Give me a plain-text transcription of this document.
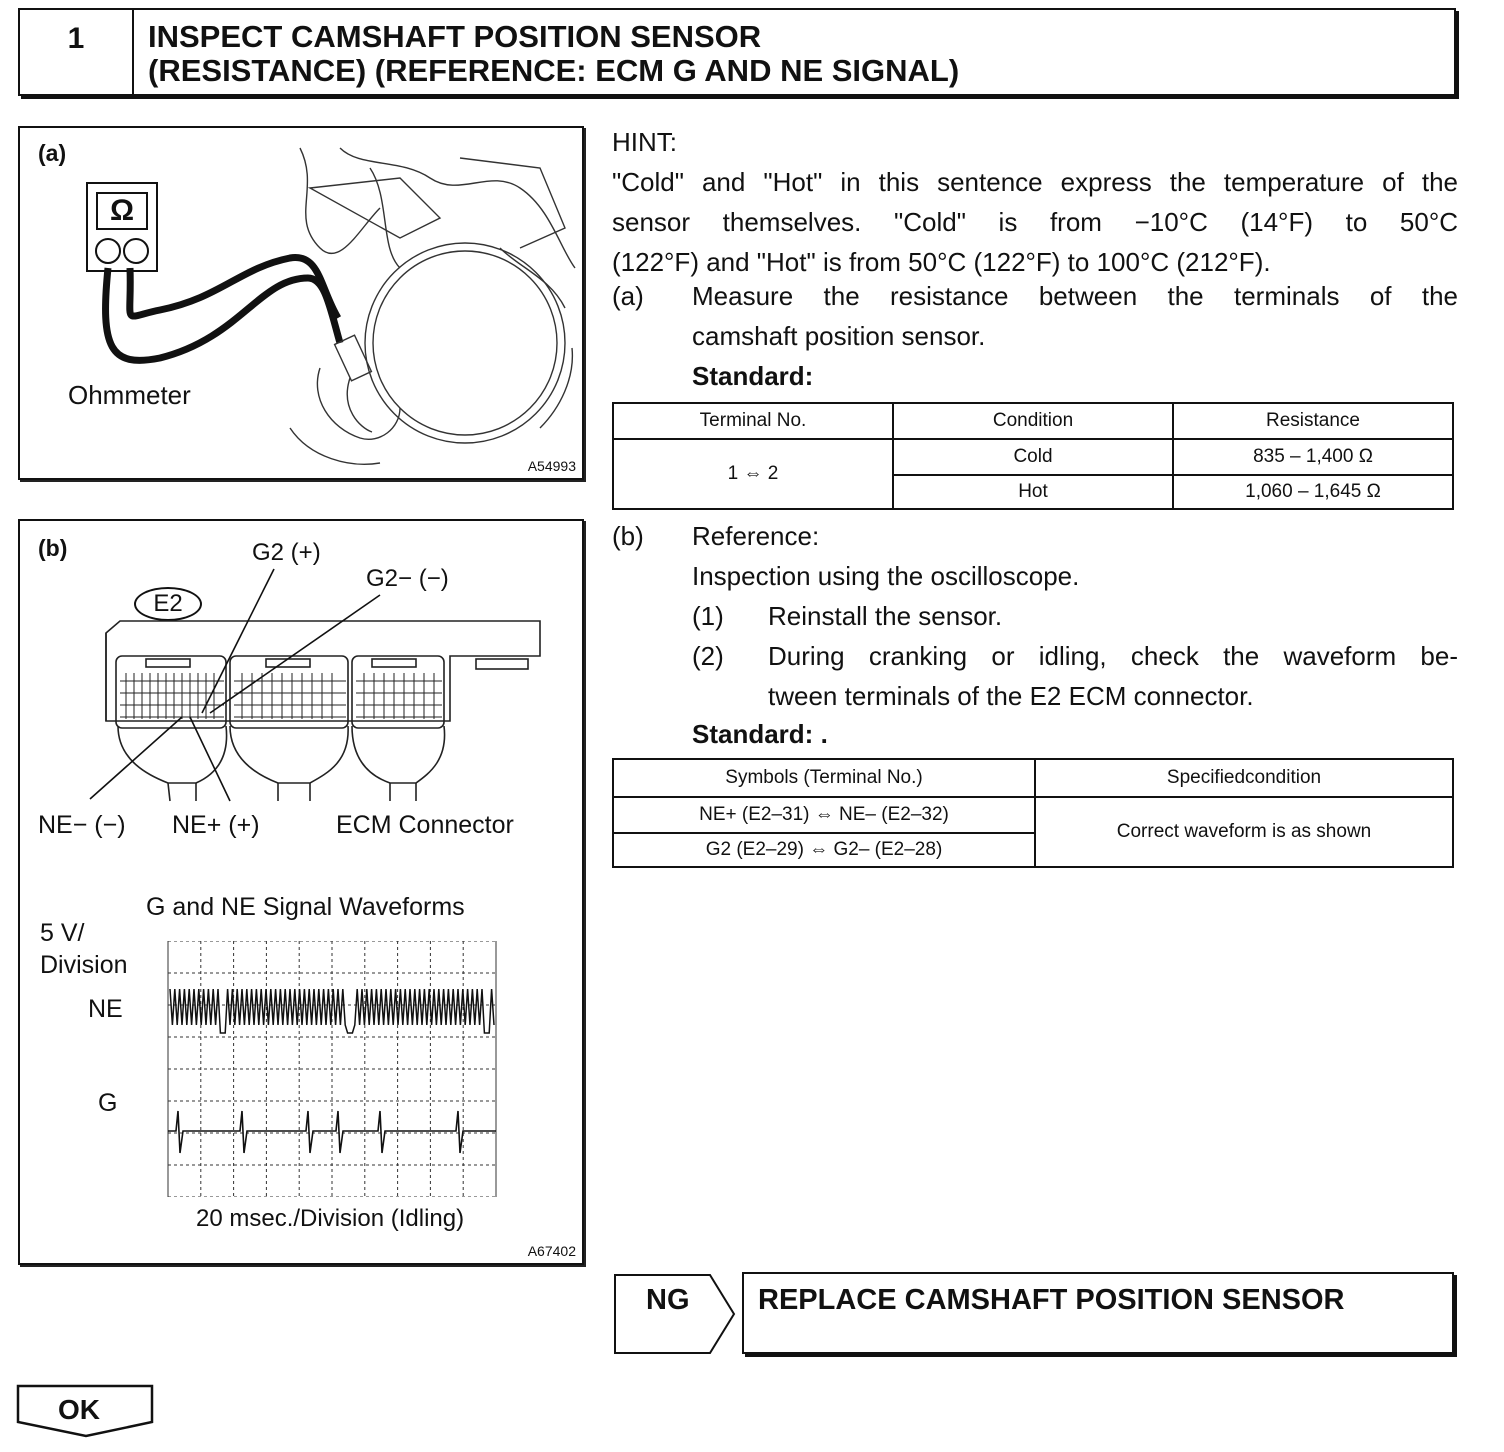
1	INSPECT CAMSHAFT POSITION SENSOR
(RESISTANCE) (REFERENCE: ECM G AND NE SIGNAL)
(a)
Ω
Ohmmeter
A54993
(b)	G2 (+)
G2− (−)
E2
NE− (−) NE+ (+)	ECM Connector
G and NE Signal Waveforms
5 V/
Division
NE
G
20 msec./Division (Idling)
A67402
HINT:
"Cold" and "Hot" in this sentence express the temperature of the
sensor themselves. "Cold" is from −10°C (14°F) to 50°C
(122°F) and "Hot" is from 50°C (122°F) to 100°C (212°F).
(a) Measure the resistance between the terminals of the
camshaft position sensor.
Standard:
Terminal No.	Condition	Resistance
1 ⇔ 2	Cold	835 – 1,400 Ω
	Hot	1,060 – 1,645 Ω
(b) Reference:
Inspection using the oscilloscope.
(1) Reinstall the sensor.
(2) During cranking or idling, check the waveform be-
tween terminals of the E2 ECM connector.
Standard: .
Symbols (Terminal No.)	Specifiedcondition
NE+ (E2–31) ⇔ NE– (E2–32)	Correct waveform is as shown
G2 (E2–29) ⇔ G2– (E2–28)	
NG REPLACE CAMSHAFT POSITION SENSOR
OK
